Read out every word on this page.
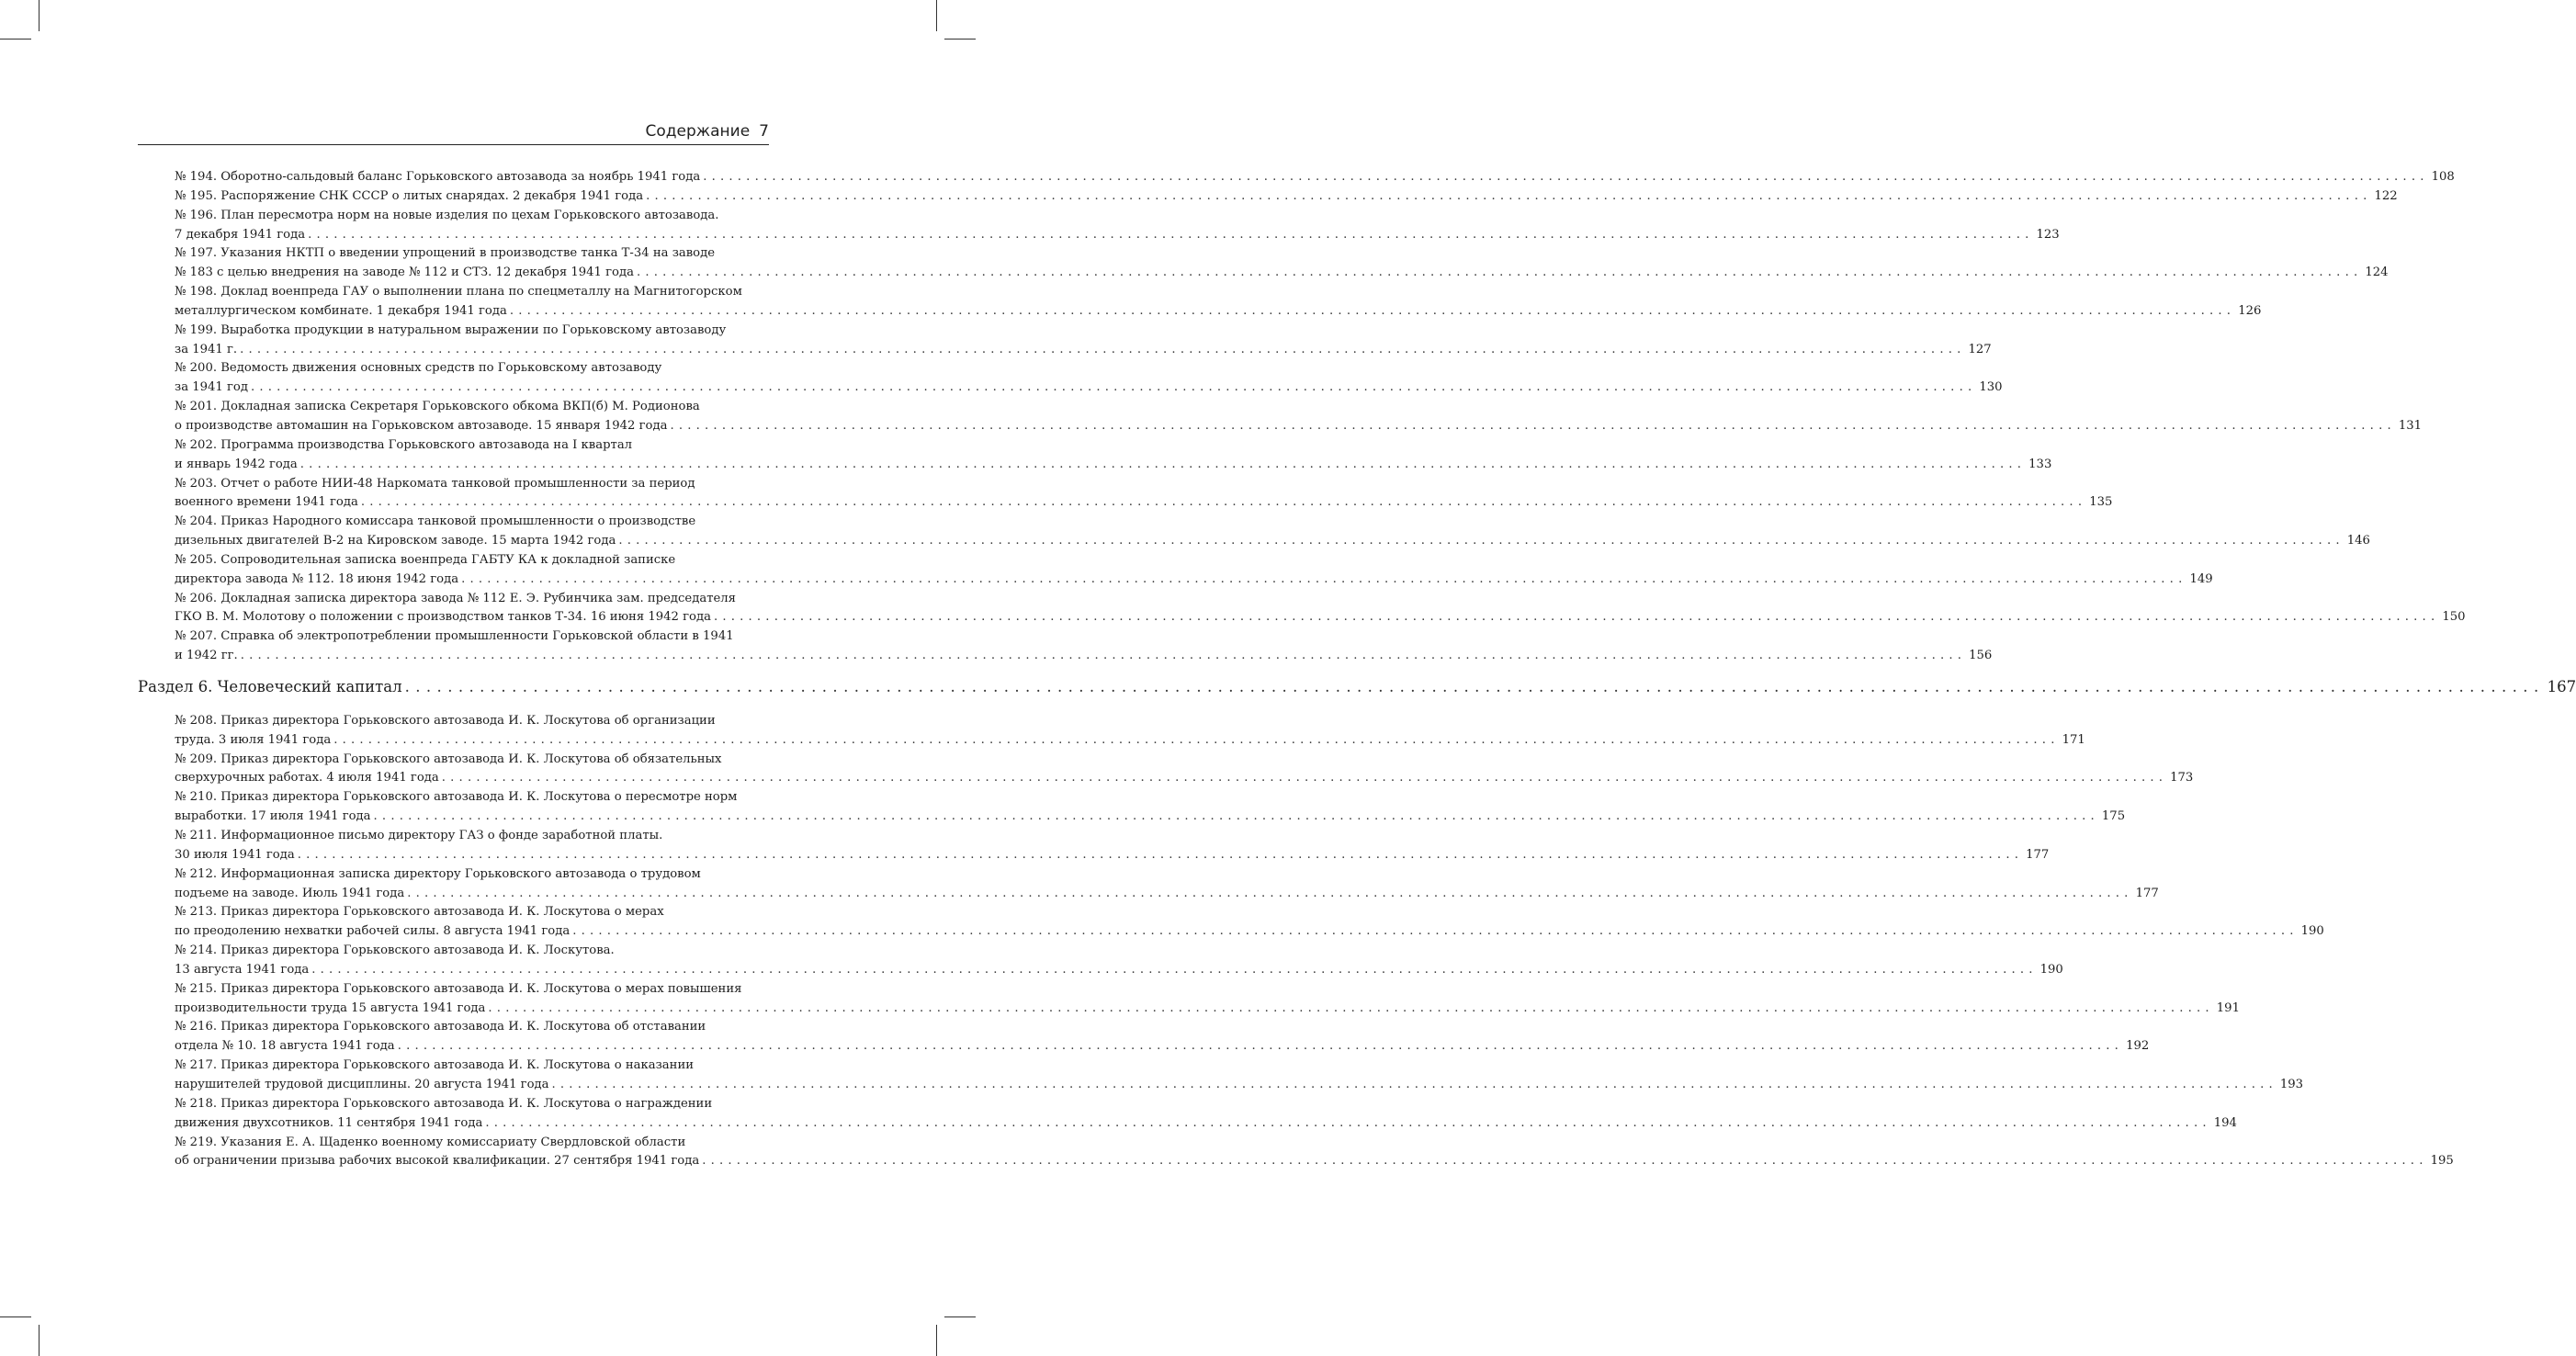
Содержание 7
№ 194. Оборотно-сальдовый баланс Горьковского автозавода за ноябрь 1941 года ........................................................................................................................................................................................................ 108
№ 195. Распоряжение СНК СССР о литых снарядах. 2 декабря 1941 года ........................................................................................................................................................................................................ 122
№ 196. План пересмотра норм на новые изделия по цехам Горьковского автозавода.
7 декабря 1941 года ........................................................................................................................................................................................................ 123
№ 197. Указания НКТП о введении упрощений в производстве танка Т-34 на заводе
№ 183 с целью внедрения на заводе № 112 и СТЗ. 12 декабря 1941 года ........................................................................................................................................................................................................ 124
№ 198. Доклад военпреда ГАУ о выполнении плана по спецметаллу на Магнитогорском
металлургическом комбинате. 1 декабря 1941 года ........................................................................................................................................................................................................ 126
№ 199. Выработка продукции в натуральном выражении по Горьковскому автозаводу
за 1941 г. ........................................................................................................................................................................................................ 127
№ 200. Ведомость движения основных средств по Горьковскому автозаводу
за 1941 год ........................................................................................................................................................................................................ 130
№ 201. Докладная записка Секретаря Горьковского обкома ВКП(б) М. Родионова
о производстве автомашин на Горьковском автозаводе. 15 января 1942 года ........................................................................................................................................................................................................ 131
№ 202. Программа производства Горьковского автозавода на I квартал
и январь 1942 года ........................................................................................................................................................................................................ 133
№ 203. Отчет о работе НИИ-48 Наркомата танковой промышленности за период
военного времени 1941 года ........................................................................................................................................................................................................ 135
№ 204. Приказ Народного комиссара танковой промышленности о производстве
дизельных двигателей В-2 на Кировском заводе. 15 марта 1942 года ........................................................................................................................................................................................................ 146
№ 205. Сопроводительная записка военпреда ГАБТУ КА к докладной записке
директора завода № 112. 18 июня 1942 года ........................................................................................................................................................................................................ 149
№ 206. Докладная записка директора завода № 112 Е. Э. Рубинчика зам. председателя
ГКО В. М. Молотову о положении с производством танков Т-34. 16 июня 1942 года ........................................................................................................................................................................................................ 150
№ 207. Справка об электропотреблении промышленности Горьковской области в 1941
и 1942 гг. ........................................................................................................................................................................................................ 156
Раздел 6. Человеческий капитал ........................................................................................................................................................................................................ 167
№ 208. Приказ директора Горьковского автозавода И. К. Лоскутова об организации
труда. 3 июля 1941 года ........................................................................................................................................................................................................ 171
№ 209. Приказ директора Горьковского автозавода И. К. Лоскутова об обязательных
сверхурочных работах. 4 июля 1941 года ........................................................................................................................................................................................................ 173
№ 210. Приказ директора Горьковского автозавода И. К. Лоскутова о пересмотре норм
выработки. 17 июля 1941 года ........................................................................................................................................................................................................ 175
№ 211. Информационное письмо директору ГАЗ о фонде заработной платы.
30 июля 1941 года ........................................................................................................................................................................................................ 177
№ 212. Информационная записка директору Горьковского автозавода о трудовом
подъеме на заводе. Июль 1941 года ........................................................................................................................................................................................................ 177
№ 213. Приказ директора Горьковского автозавода И. К. Лоскутова о мерах
по преодолению нехватки рабочей силы. 8 августа 1941 года ........................................................................................................................................................................................................ 190
№ 214. Приказ директора Горьковского автозавода И. К. Лоскутова.
13 августа 1941 года ........................................................................................................................................................................................................ 190
№ 215. Приказ директора Горьковского автозавода И. К. Лоскутова о мерах повышения
производительности труда 15 августа 1941 года ........................................................................................................................................................................................................ 191
№ 216. Приказ директора Горьковского автозавода И. К. Лоскутова об отставании
отдела № 10. 18 августа 1941 года ........................................................................................................................................................................................................ 192
№ 217. Приказ директора Горьковского автозавода И. К. Лоскутова о наказании
нарушителей трудовой дисциплины. 20 августа 1941 года ........................................................................................................................................................................................................ 193
№ 218. Приказ директора Горьковского автозавода И. К. Лоскутова о награждении
движения двухсотников. 11 сентября 1941 года ........................................................................................................................................................................................................ 194
№ 219. Указания Е. А. Щаденко военному комиссариату Свердловской области
об ограничении призыва рабочих высокой квалификации. 27 сентября 1941 года ........................................................................................................................................................................................................ 195
